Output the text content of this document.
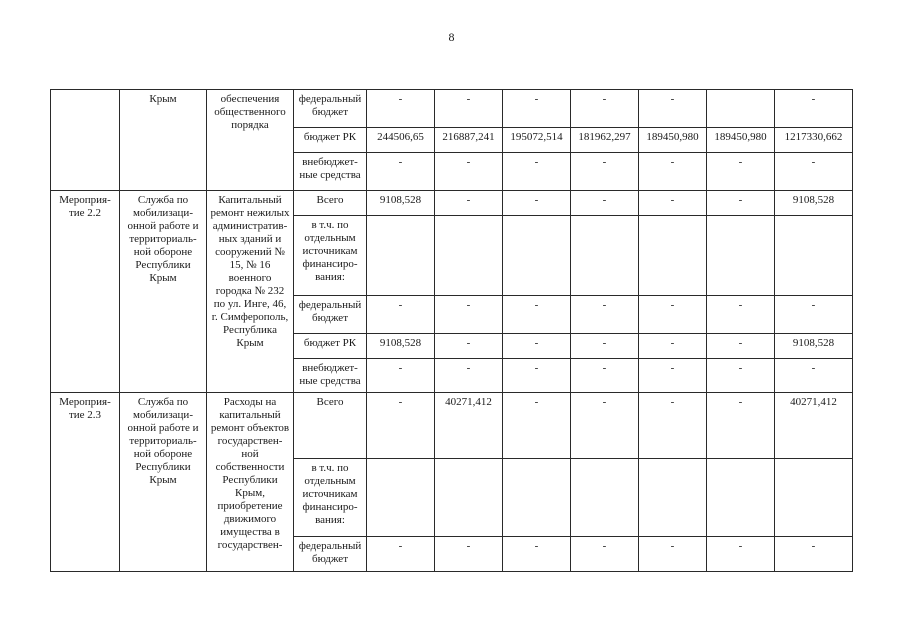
8
	Крым	обеспечения общественного порядка	федеральный бюджет	-	-	-	-	-		-
			бюджет РК	244506,65	216887,241	195072,514	181962,297	189450,980	189450,980	1217330,662
			внебюджет-ные средства	-	-	-	-	-	-	-
Мероприя-тие 2.2	Служба по мобилизаци-онной работе и территориаль-ной обороне Республики Крым	Капитальный ремонт нежилых административ-ных зданий и сооружений № 15, № 16 военного городка № 232 по ул. Инге, 46, г. Симферополь, Республика Крым	Всего	9108,528	-	-	-	-	-	9108,528
			в т.ч. по отдельным источникам финансиро-вания:							
			федеральный бюджет	-	-	-	-	-	-	-
			бюджет РК	9108,528	-	-	-	-	-	9108,528
			внебюджет-ные средства	-	-	-	-	-	-	-
Мероприя-тие 2.3	Служба по мобилизаци-онной работе и территориаль-ной обороне Республики Крым	Расходы на капитальный ремонт объектов государствен-ной собственности Республики Крым, приобретение движимого имущества в государствен-	Всего	-	40271,412	-	-	-	-	40271,412
			в т.ч. по отдельным источникам финансиро-вания:							
			федеральный бюджет	-	-	-	-	-	-	-
